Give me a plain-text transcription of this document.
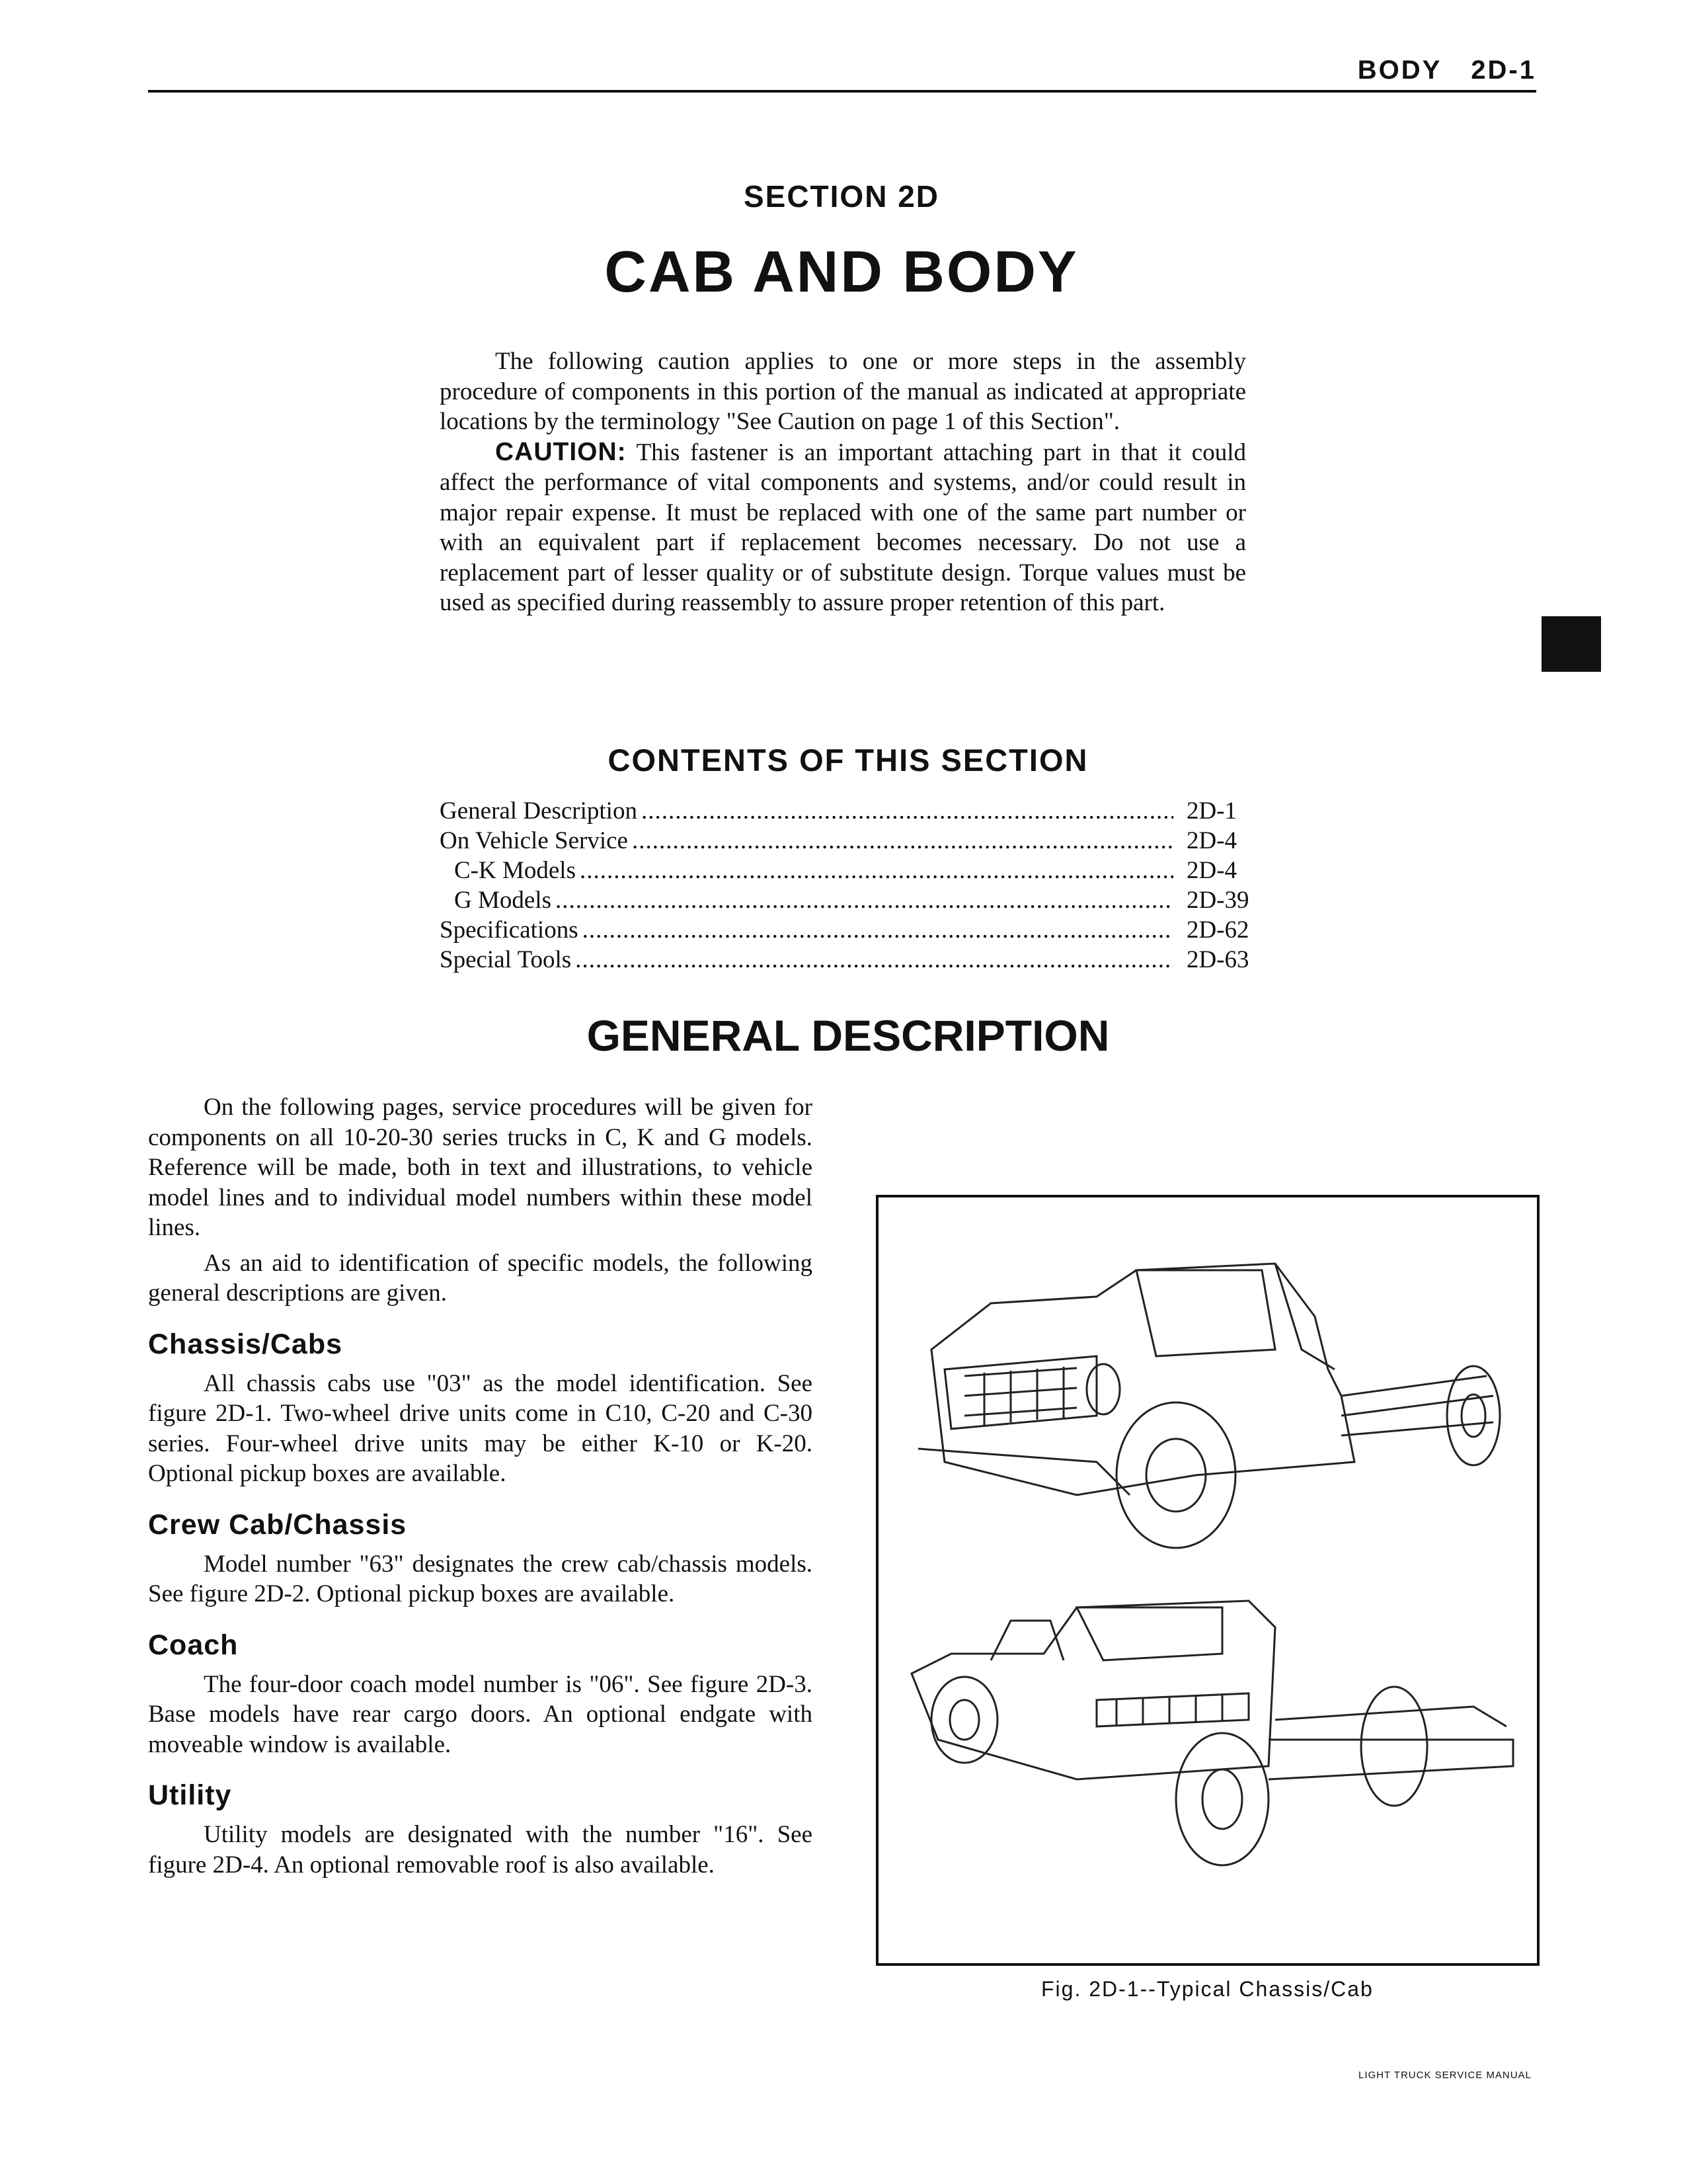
BODY 2D-1
SECTION 2D
CAB AND BODY

The following caution applies to one or more steps in the assembly procedure of components in this portion of the manual as indicated at appropriate locations by the terminology "See Caution on page 1 of this Section".

CAUTION: This fastener is an important attaching part in that it could affect the performance of vital components and systems, and/or could result in major repair expense. It must be replaced with one of the same part number or with an equivalent part if replacement becomes necessary. Do not use a replacement part of lesser quality or of substitute design. Torque values must be used as specified during reassembly to assure proper retention of this part.

CONTENTS OF THIS SECTION
General Description .....	2D-1
On Vehicle Service .....	2D-4
C-K Models .....	2D-4
G Models .....	2D-39
Specifications .....	2D-62
Special Tools .....	2D-63
GENERAL DESCRIPTION

On the following pages, service procedures will be given for components on all 10-20-30 series trucks in C, K and G models. Reference will be made, both in text and illustrations, to vehicle model lines and to individual model numbers within these model lines.

As an aid to identification of specific models, the following general descriptions are given.

Chassis/Cabs

All chassis cabs use "03" as the model identification. See figure 2D-1. Two-wheel drive units come in C10, C-20 and C-30 series. Four-wheel drive units may be either K-10 or K-20. Optional pickup boxes are available.

Crew Cab/Chassis

Model number "63" designates the crew cab/chassis models. See figure 2D-2. Optional pickup boxes are available.

Coach

The four-door coach model number is "06". See figure 2D-3. Base models have rear cargo doors. An optional endgate with moveable window is available.

Utility

Utility models are designated with the number "16". See figure 2D-4. An optional removable roof is also available.

Fig. 2D-1--Typical Chassis/Cab
LIGHT TRUCK SERVICE MANUAL
